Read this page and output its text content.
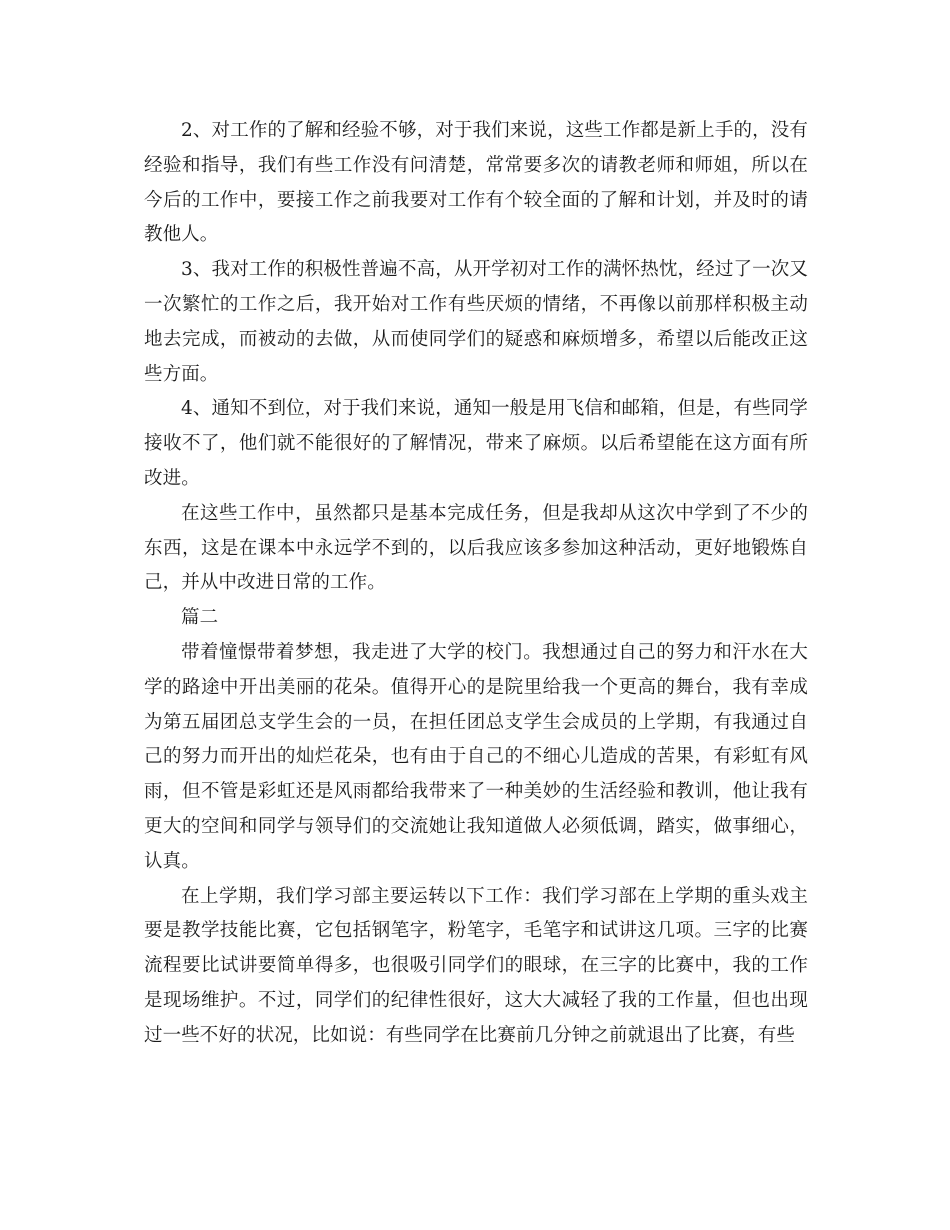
2、对工作的了解和经验不够，对于我们来说，这些工作都是新上手的，没有经验和指导，我们有些工作没有问清楚，常常要多次的请教老师和师姐，所以在今后的工作中，要接工作之前我要对工作有个较全面的了解和计划，并及时的请教他人。

3、我对工作的积极性普遍不高，从开学初对工作的满怀热忱，经过了一次又一次繁忙的工作之后，我开始对工作有些厌烦的情绪，不再像以前那样积极主动地去完成，而被动的去做，从而使同学们的疑惑和麻烦增多，希望以后能改正这些方面。

4、通知不到位，对于我们来说，通知一般是用飞信和邮箱，但是，有些同学接收不了，他们就不能很好的了解情况，带来了麻烦。以后希望能在这方面有所改进。

在这些工作中，虽然都只是基本完成任务，但是我却从这次中学到了不少的东西，这是在课本中永远学不到的，以后我应该多参加这种活动，更好地锻炼自己，并从中改进日常的工作。

篇二

带着憧憬带着梦想，我走进了大学的校门。我想通过自己的努力和汗水在大学的路途中开出美丽的花朵。值得开心的是院里给我一个更高的舞台，我有幸成为第五届团总支学生会的一员，在担任团总支学生会成员的上学期，有我通过自己的努力而开出的灿烂花朵，也有由于自己的不细心儿造成的苦果，有彩虹有风雨，但不管是彩虹还是风雨都给我带来了一种美妙的生活经验和教训，他让我有更大的空间和同学与领导们的交流她让我知道做人必须低调，踏实，做事细心，认真。

在上学期，我们学习部主要运转以下工作：我们学习部在上学期的重头戏主要是教学技能比赛，它包括钢笔字，粉笔字，毛笔字和试讲这几项。三字的比赛流程要比试讲要简单得多，也很吸引同学们的眼球，在三字的比赛中，我的工作是现场维护。不过，同学们的纪律性很好，这大大减轻了我的工作量，但也出现过一些不好的状况，比如说：有些同学在比赛前几分钟之前就退出了比赛，有些
